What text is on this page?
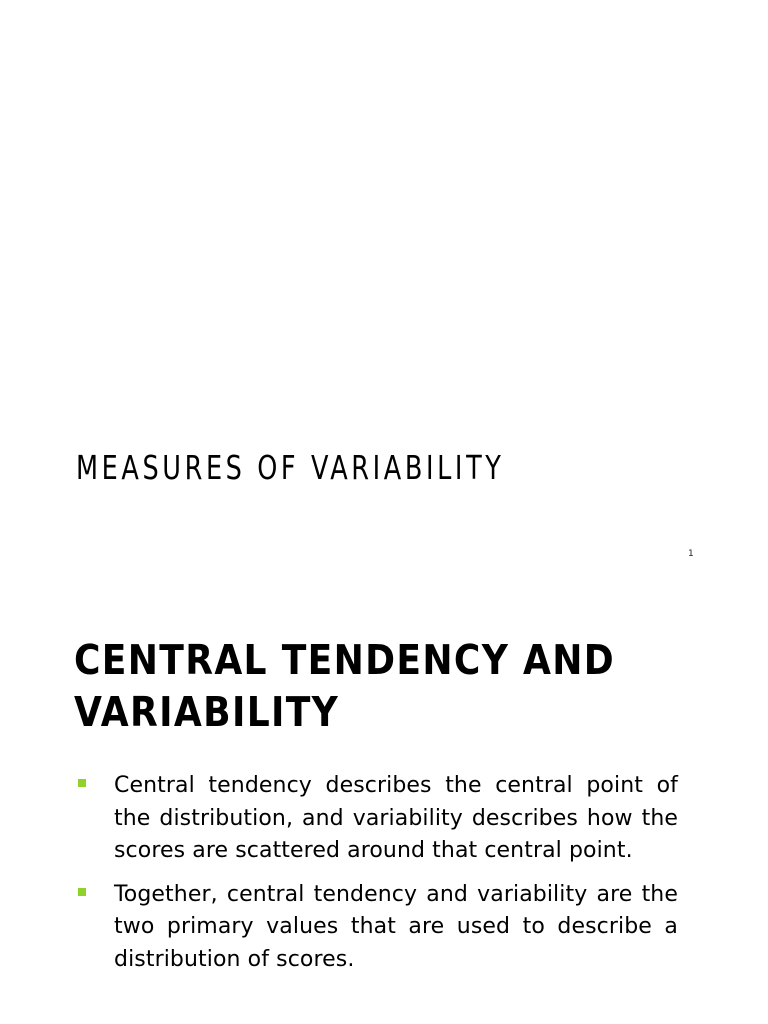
MEASURES OF VARIABILITY
1
CENTRAL TENDENCY AND VARIABILITY
Central tendency describes the central point of the distribution, and variability describes how the scores are scattered around that central point.
Together, central tendency and variability are the two primary values that are used to describe a distribution of scores.
